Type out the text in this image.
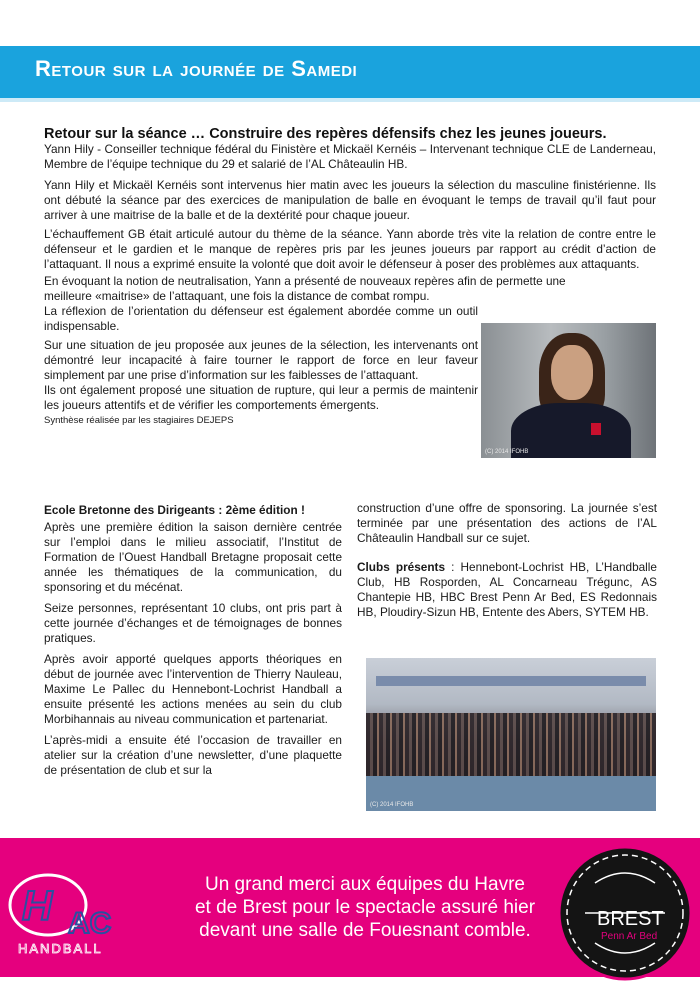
Retour sur la journée de Samedi
Retour sur la séance … Construire des repères défensifs chez les jeunes joueurs.

Yann Hily - Conseiller technique fédéral du Finistère et Mickaël Kernéis – Intervenant technique CLE de Landerneau, Membre de l’équipe technique du 29 et salarié de l’AL Châteaulin HB.

Yann Hily et Mickaël Kernéis sont intervenus hier matin avec les joueurs la sélection du masculine finistérienne. Ils ont débuté la séance par des exercices de manipulation de balle en évoquant le temps de travail qu’il faut pour arriver à une maitrise de la balle et de la dextérité pour chaque joueur.

L’échauffement GB était articulé autour du thème de la séance. Yann aborde très vite la relation de contre entre le défenseur et le gardien et le manque de repères pris par les jeunes joueurs par rapport au crédit d’action de l’attaquant. Il nous a exprimé ensuite la volonté que doit avoir le défenseur à poser des problèmes aux attaquants.

En évoquant la notion de neutralisation, Yann a présenté de nouveaux repères afin de permette une

meilleure «maitrise» de l’attaquant, une fois la distance de combat rompu.

La réflexion de l’orientation du défenseur est également abordée comme un outil indispensable.

Sur une situation de jeu proposée aux jeunes de la sélection, les intervenants ont démontré leur incapacité à faire tourner le rapport de force en leur faveur simplement par une prise d’information sur les faiblesses de l’attaquant.

Ils ont également proposé une situation de rupture, qui leur a permis de maintenir les joueurs attentifs et de vérifier les comportements émergents.

Synthèse réalisée par les stagiaires DEJEPS
(C) 2014 IFOHB
Ecole Bretonne des Dirigeants : 2ème édition !

Après une première édition la saison dernière centrée sur l’emploi dans le milieu associatif, l’Institut de Formation de l’Ouest Handball Bretagne proposait cette année les thématiques de la communication, du sponsoring et du mécénat.

Seize personnes, représentant 10 clubs, ont pris part à cette journée d’échanges et de témoignages de bonnes pratiques.

Après avoir apporté quelques apports théoriques en début de journée avec l’intervention de Thierry Nauleau, Maxime Le Pallec du Hennebont-Lochrist Handball a ensuite présenté les actions menées au sein du club Morbihannais au niveau communication et partenariat.

L’après-midi a ensuite été l’occasion de travailler en atelier sur la création d’une newsletter, d’une plaquette de présentation de club et sur la

construction d’une offre de sponsoring. La journée s’est terminée par une présentation des actions de l’AL Châteaulin Handball sur ce sujet.

Clubs présents : Hennebont-Lochrist HB, L’Handballe Club, HB Rosporden, AL Concarneau Trégunc, AS Chantepie HB, HBC Brest Penn Ar Bed, ES Redonnais HB, Ploudiry-Sizun HB, Entente des Abers, SYTEM HB.

(C) 2014 IFOHB
H AC
HANDBALL
Un grand merci aux équipes du Havre
et de Brest pour le spectacle assuré hier
devant une salle de Fouesnant comble.
BREST
Penn Ar Bed
